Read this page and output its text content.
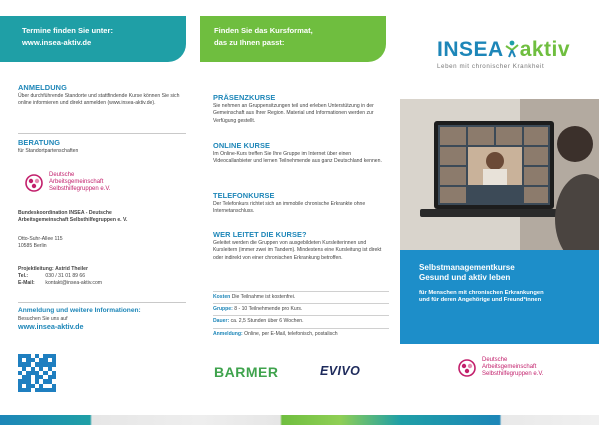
Termine finden Sie unter:
www.insea-aktiv.de
ANMELDUNG
Über durchführende Standorte und stattfindende Kurse können Sie sich online informieren und direkt anmelden (www.insea-aktiv.de).
BERATUNG
für Standortpartenschaften
Deutsche
Arbeitsgemeinschaft
Selbsthilfegruppen e.V.
Bundeskoordination INSEA - Deutsche
Arbeitsgemeinschaft Selbsthilfegruppen e. V.
Otto-Suhr-Allee 115
10585 Berlin
Projektleitung: Astrid Theiler
Tel.:	030 / 31 01 89 66
E-Mail: kontakt@insea-aktiv.com
Anmeldung und weitere Informationen:
Besuchen Sie uns auf
www.insea-aktiv.de
Finden Sie das Kursformat,
das zu Ihnen passt:
PRÄSENZKURSE
Sie nehmen an Gruppensitzungen teil und erleben Unterstützung in der Gemeinschaft aus Ihrer Region. Material und Informationen werden zur Verfügung gestellt.
ONLINE KURSE
Im Online-Kurs treffen Sie Ihre Gruppe im Internet über einen Videocallanbieter und lernen Teilnehmende aus ganz Deutschland kennen.
TELEFONKURSE
Der Telefonkurs richtet sich an immobile chronische Erkrankte ohne Internetanschluss.
WER LEITET DIE KURSE?
Geleitet werden die Gruppen von ausgebildeten Kursleiterinnen und Kursleitern (immer zwei im Tandem). Mindestens eine Kursleitung ist direkt oder indirekt von einer chronischen Erkrankung betroffen.
Kosten Die Teilnahme ist kostenfrei.
Gruppe: 8 - 10 Teilnehmende pro Kurs.
Dauer: ca. 2,5 Stunden über 6 Wochen.
Anmeldung: Online, per E-Mail, telefonisch, postalisch
BARMER	EVIVO
INSEA aktiv
Leben mit chronischer Krankheit
Selbstmanagementkurse
Gesund und aktiv leben
für Menschen mit chronischen Erkrankungen
und für deren Angehörige und Freund*innen
Deutsche
Arbeitsgemeinschaft
Selbsthilfegruppen e.V.
